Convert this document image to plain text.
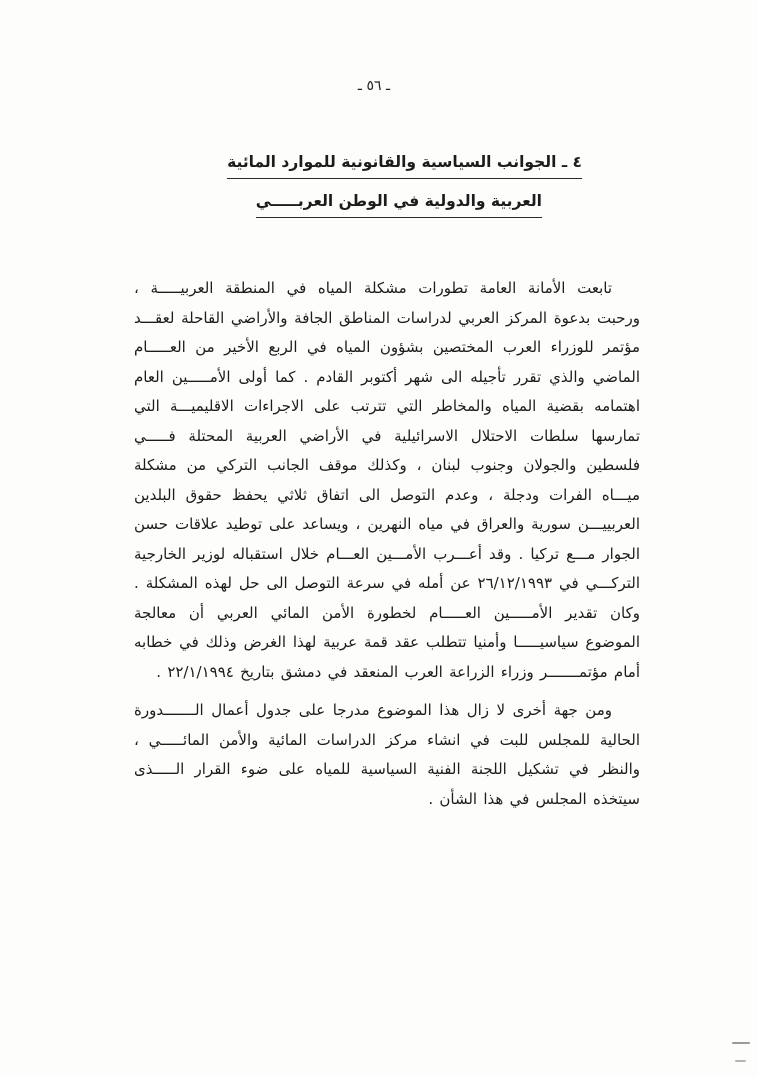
ـ ٥٦ ـ
٤ ـ الجوانب السياسية والقانونية للموارد المائية
العربية والدولية في الوطن العربـــــي

تابعت الأمانة العامة تطورات مشكلة المياه في المنطقة العربيـــــة ، ورحبت بدعوة المركز العربي لدراسات المناطق الجافة والأراضي القاحلة لعقـــد مؤتمر للوزراء العرب المختصين بشؤون المياه في الربع الأخير من العـــــام الماضي والذي تقرر تأجيله الى شهر أكتوبر القادم . كما أولى الأمـــــين العام اهتمامه بقضية المياه والمخاطر التي تترتب على الاجراءات الاقليميـــة التي تمارسها سلطات الاحتلال الاسرائيلية في الأراضي العربية المحتلة فـــــي فلسطين والجولان وجنوب لبنان ، وكذلك موقف الجانب التركي من مشكلة ميـــاه الفرات ودجلة ، وعدم التوصل الى اتفاق ثلاثي يحفظ حقوق البلدين العربييـــن سورية والعراق في مياه النهرين ، ويساعد على توطيد علاقات حسن الجوار مـــع تركيا . وقد أعـــرب الأمـــين العـــام خلال استقباله لوزير الخارجية التركـــي في ٢٦/١٢/١٩٩٣ عن أمله في سرعة التوصل الى حل لهذه المشكلة . وكان تقدير الأمـــــين العـــــام لخطورة الأمن المائي العربي أن معالجة الموضوع سياسيـــــا وأمنيا تتطلب عقد قمة عربية لهذا الغرض وذلك في خطابه أمام مؤتمـــــــر وزراء الزراعة العرب المنعقد في دمشق بتاريخ ٢٢/١/١٩٩٤ .

ومن جهة أخرى لا زال هذا الموضوع مدرجا على جدول أعمال الـــــــدورة الحالية للمجلس للبت في انشاء مركز الدراسات المائية والأمن المائـــــي ، والنظر في تشكيل اللجنة الفنية السياسية للمياه على ضوء القرار الـــــذى سيتخذه المجلس في هذا الشأن .
